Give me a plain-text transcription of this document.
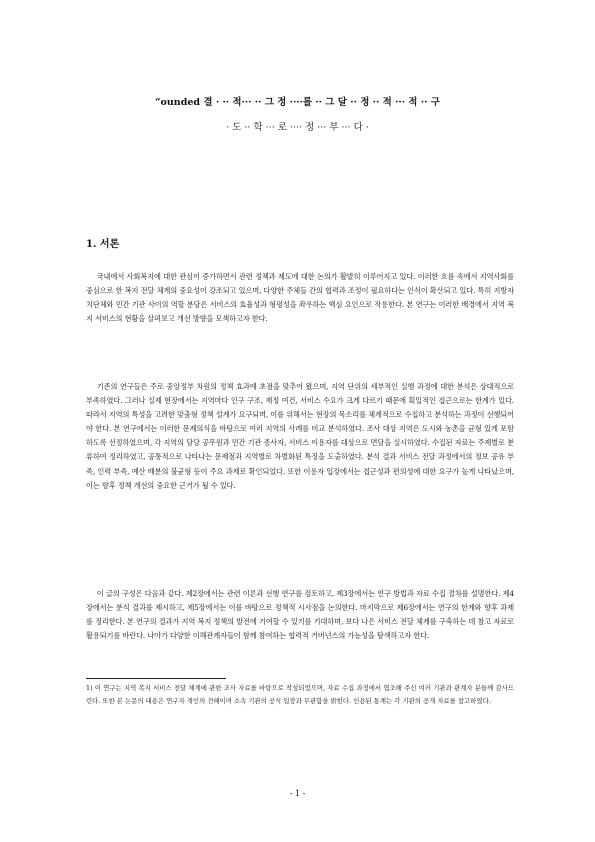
“ounded 결 · ·· 적··· ·· 그 정 ····를 ·· 그 달 ·· 정 ·· 적 ··· 적 ·· 구
· 도 ·· 학 ··· 로 ···· 정 ··· 부 ··· 다 ·
1. 서론
국내에서 사회복지에 대한 관심이 증가하면서 관련 정책과 제도에 대한 논의가 활발히 이루어지고 있다. 이러한 흐름 속에서 지역사회를 중심으로 한 복지 전달 체계의 중요성이 강조되고 있으며, 다양한 주체들 간의 협력과 조정이 필요하다는 인식이 확산되고 있다. 특히 지방자치단체와 민간 기관 사이의 역할 분담은 서비스의 효율성과 형평성을 좌우하는 핵심 요인으로 작용한다. 본 연구는 이러한 배경에서 지역 복지 서비스의 현황을 살펴보고 개선 방향을 모색하고자 한다.
기존의 연구들은 주로 중앙정부 차원의 정책 효과에 초점을 맞추어 왔으며, 지역 단위의 세부적인 실행 과정에 대한 분석은 상대적으로 부족하였다. 그러나 실제 현장에서는 지역마다 인구 구조, 재정 여건, 서비스 수요가 크게 다르기 때문에 획일적인 접근으로는 한계가 있다. 따라서 지역의 특성을 고려한 맞춤형 정책 설계가 요구되며, 이를 위해서는 현장의 목소리를 체계적으로 수집하고 분석하는 과정이 선행되어야 한다. 본 연구에서는 이러한 문제의식을 바탕으로 여러 지역의 사례를 비교 분석하였다. 조사 대상 지역은 도시와 농촌을 균형 있게 포함하도록 선정하였으며, 각 지역의 담당 공무원과 민간 기관 종사자, 서비스 이용자를 대상으로 면담을 실시하였다. 수집된 자료는 주제별로 분류하여 정리하였고, 공통적으로 나타나는 문제점과 지역별로 차별화된 특징을 도출하였다. 분석 결과 서비스 전달 과정에서의 정보 공유 부족, 인력 부족, 예산 배분의 불균형 등이 주요 과제로 확인되었다. 또한 이용자 입장에서는 접근성과 편의성에 대한 요구가 높게 나타났으며, 이는 향후 정책 개선의 중요한 근거가 될 수 있다.
이 글의 구성은 다음과 같다. 제2장에서는 관련 이론과 선행 연구를 검토하고, 제3장에서는 연구 방법과 자료 수집 절차를 설명한다. 제4장에서는 분석 결과를 제시하고, 제5장에서는 이를 바탕으로 정책적 시사점을 논의한다. 마지막으로 제6장에서는 연구의 한계와 향후 과제를 정리한다. 본 연구의 결과가 지역 복지 정책의 발전에 기여할 수 있기를 기대하며, 보다 나은 서비스 전달 체계를 구축하는 데 참고 자료로 활용되기를 바란다. 나아가 다양한 이해관계자들이 함께 참여하는 협력적 거버넌스의 가능성을 탐색하고자 한다.
1) 이 연구는 지역 복지 서비스 전달 체계에 관한 조사 자료를 바탕으로 작성되었으며, 자료 수집 과정에서 협조해 주신 여러 기관과 관계자 분들께 감사드린다. 또한 본 논문의 내용은 연구자 개인의 견해이며 소속 기관의 공식 입장과 무관함을 밝힌다. 인용된 통계는 각 기관의 공개 자료를 참고하였다.
- 1 -
